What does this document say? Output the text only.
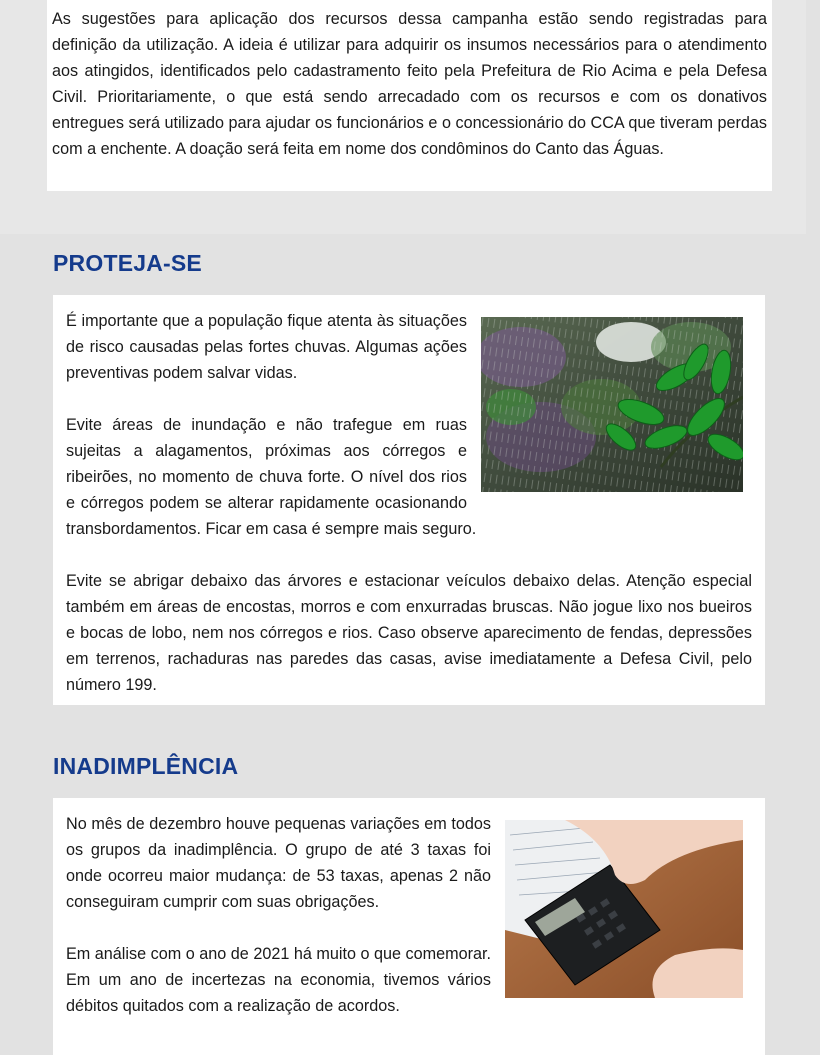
As sugestões para aplicação dos recursos dessa campanha estão sendo registradas para definição da utilização. A ideia é utilizar para adquirir os insumos necessários para o atendimento aos atingidos, identificados pelo cadastramento feito pela Prefeitura de Rio Acima e pela Defesa Civil. Prioritariamente, o que está sendo arrecadado com os recursos e com os donativos entregues será utilizado para ajudar os funcionários e o concessionário do CCA que tiveram perdas com a enchente. A doação será feita em nome dos condôminos do Canto das Águas.

PROTEJA-SE

É importante que a população fique atenta às situações de risco causadas pelas fortes chuvas. Algumas ações preventivas podem salvar vidas.

Evite áreas de inundação e não trafegue em ruas sujeitas a alagamentos, próximas aos córregos e ribeirões, no momento de chuva forte. O nível dos rios e córregos podem se alterar rapidamente ocasionando transbordamentos. Ficar em casa é sempre mais seguro.

Evite se abrigar debaixo das árvores e estacionar veículos debaixo delas. Atenção especial também em áreas de encostas, morros e com enxurradas bruscas. Não jogue lixo nos bueiros e bocas de lobo, nem nos córregos e rios. Caso observe aparecimento de fendas, depressões em terrenos, rachaduras nas paredes das casas, avise imediatamente a Defesa Civil, pelo número 199.

INADIMPLÊNCIA

No mês de dezembro houve pequenas variações em todos os grupos da inadimplência. O grupo de até 3 taxas foi onde ocorreu maior mudança: de 53 taxas, apenas 2 não conseguiram cumprir com suas obrigações.

Em análise com o ano de 2021 há muito o que comemorar. Em um ano de incertezas na economia, tivemos vários débitos quitados com a realização de acordos.
